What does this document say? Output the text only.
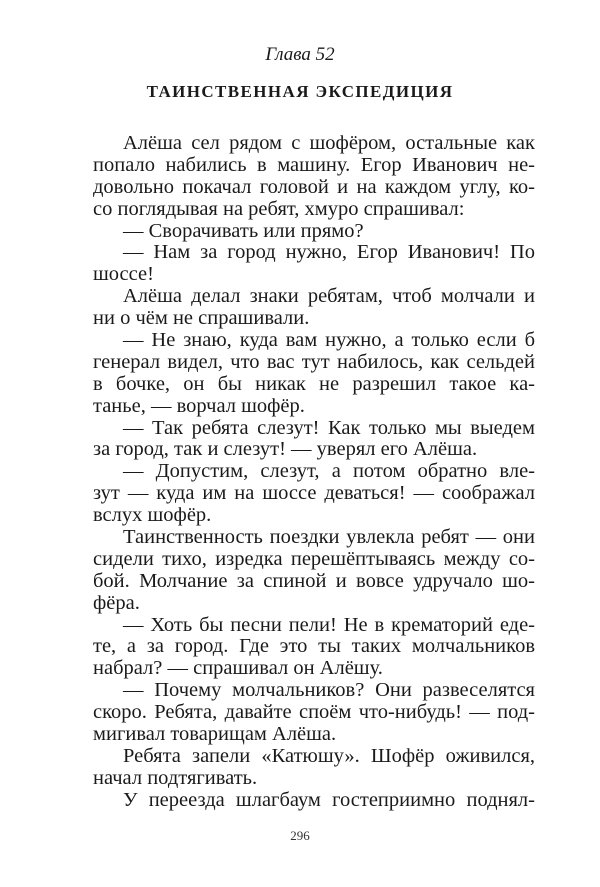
Глава 52
ТАИНСТВЕННАЯ ЭКСПЕДИЦИЯ
Алёша сел рядом с шофёром, остальные как
попало набились в машину. Егор Иванович не-
довольно покачал головой и на каждом углу, ко-
со поглядывая на ребят, хмуро спрашивал:
— Сворачивать или прямо?
— Нам за город нужно, Егор Иванович! По
шоссе!
Алёша делал знаки ребятам, чтоб молчали и
ни о чём не спрашивали.
— Не знаю, куда вам нужно, а только если б
генерал видел, что вас тут набилось, как сельдей
в бочке, он бы никак не разрешил такое ка-
танье, — ворчал шофёр.
— Так ребята слезут! Как только мы выедем
за город, так и слезут! — уверял его Алёша.
— Допустим, слезут, а потом обратно вле-
зут — куда им на шоссе деваться! — соображал
вслух шофёр.
Таинственность поездки увлекла ребят — они
сидели тихо, изредка перешёптываясь между со-
бой. Молчание за спиной и вовсе удручало шо-
фёра.
— Хоть бы песни пели! Не в крематорий еде-
те, а за город. Где это ты таких молчальников
набрал? — спрашивал он Алёшу.
— Почему молчальников? Они развеселятся
скоро. Ребята, давайте споём что-нибудь! — под-
мигивал товарищам Алёша.
Ребята запели «Катюшу». Шофёр оживился,
начал подтягивать.
У переезда шлагбаум гостеприимно поднял-
296
